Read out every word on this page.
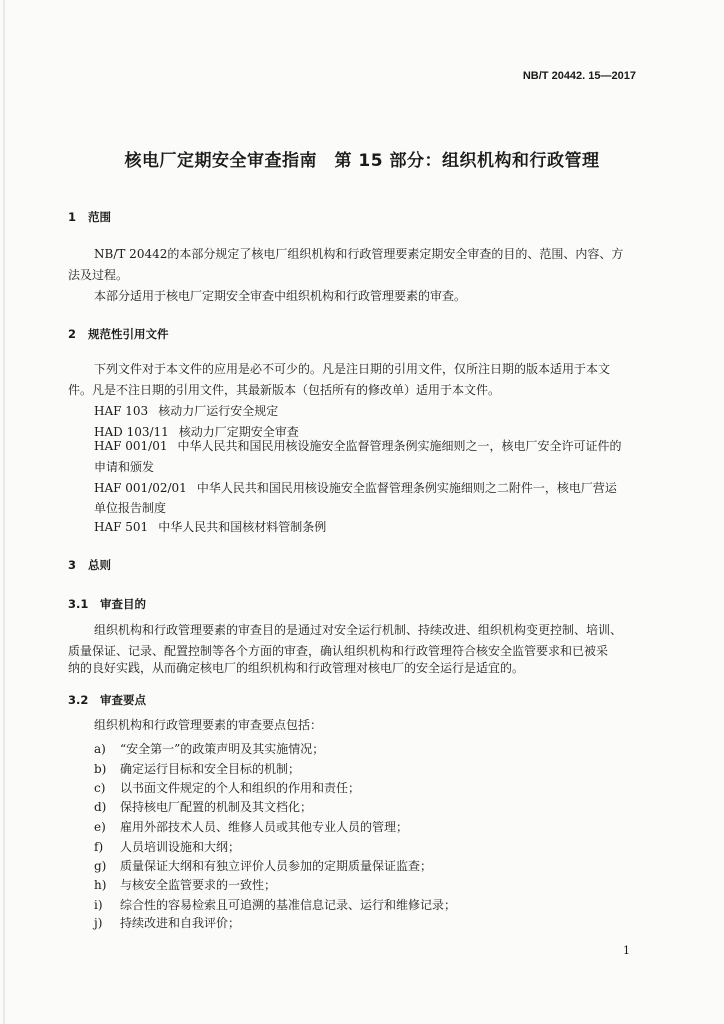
NB/T 20442. 15—2017
核电厂定期安全审查指南　第 15 部分：组织机构和行政管理
1 范围
NB/T 20442的本部分规定了核电厂组织机构和行政管理要素定期安全审查的目的、范围、内容、方
法及过程。
本部分适用于核电厂定期安全审查中组织机构和行政管理要素的审查。
2 规范性引用文件
下列文件对于本文件的应用是必不可少的。凡是注日期的引用文件，仅所注日期的版本适用于本文
件。凡是不注日期的引用文件，其最新版本（包括所有的修改单）适用于本文件。
HAF 103 核动力厂运行安全规定
HAD 103/11 核动力厂定期安全审查
HAF 001/01 中华人民共和国民用核设施安全监督管理条例实施细则之一，核电厂安全许可证件的
申请和颁发
HAF 001/02/01 中华人民共和国民用核设施安全监督管理条例实施细则之二附件一，核电厂营运
单位报告制度
HAF 501 中华人民共和国核材料管制条例
3 总则
3.1 审查目的
组织机构和行政管理要素的审查目的是通过对安全运行机制、持续改进、组织机构变更控制、培训、
质量保证、记录、配置控制等各个方面的审查，确认组织机构和行政管理符合核安全监管要求和已被采
纳的良好实践，从而确定核电厂的组织机构和行政管理对核电厂的安全运行是适宜的。
3.2 审查要点
组织机构和行政管理要素的审查要点包括：
a) “安全第一”的政策声明及其实施情况；
b) 确定运行目标和安全目标的机制；
c) 以书面文件规定的个人和组织的作用和责任；
d) 保持核电厂配置的机制及其文档化；
e) 雇用外部技术人员、维修人员或其他专业人员的管理；
f) 人员培训设施和大纲；
g) 质量保证大纲和有独立评价人员参加的定期质量保证监查；
h) 与核安全监管要求的一致性；
i) 综合性的容易检索且可追溯的基准信息记录、运行和维修记录；
j) 持续改进和自我评价；
1
